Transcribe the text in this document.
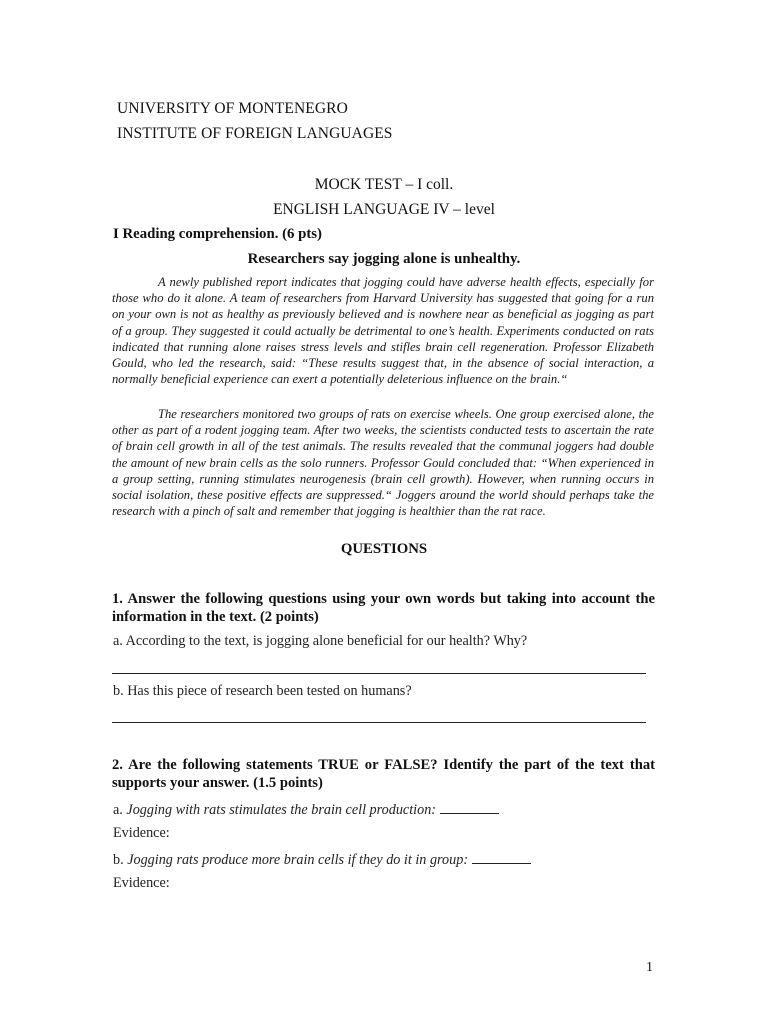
UNIVERSITY OF MONTENEGRO
INSTITUTE OF FOREIGN LANGUAGES
MOCK TEST – I coll.
ENGLISH LANGUAGE IV – level
I Reading comprehension. (6 pts)
Researchers say jogging alone is unhealthy.
A newly published report indicates that jogging could have adverse health effects, especially for those who do it alone. A team of researchers from Harvard University has suggested that going for a run on your own is not as healthy as previously believed and is nowhere near as beneficial as jogging as part of a group. They suggested it could actually be detrimental to one’s health. Experiments conducted on rats indicated that running alone raises stress levels and stifles brain cell regeneration. Professor Elizabeth Gould, who led the research, said: “These results suggest that, in the absence of social interaction, a normally beneficial experience can exert a potentially deleterious influence on the brain.“
The researchers monitored two groups of rats on exercise wheels. One group exercised alone, the other as part of a rodent jogging team. After two weeks, the scientists conducted tests to ascertain the rate of brain cell growth in all of the test animals. The results revealed that the communal joggers had double the amount of new brain cells as the solo runners. Professor Gould concluded that: “When experienced in a group setting, running stimulates neurogenesis (brain cell growth). However, when running occurs in social isolation, these positive effects are suppressed.“ Joggers around the world should perhaps take the research with a pinch of salt and remember that jogging is healthier than the rat race.
QUESTIONS
1. Answer the following questions using your own words but taking into account the information in the text. (2 points)
a. According to the text, is jogging alone beneficial for our health? Why?
b. Has this piece of research been tested on humans?
2. Are the following statements TRUE or FALSE? Identify the part of the text that supports your answer. (1.5 points)
a. Jogging with rats stimulates the brain cell production:
Evidence:
b. Jogging rats produce more brain cells if they do it in group:
Evidence:
1
